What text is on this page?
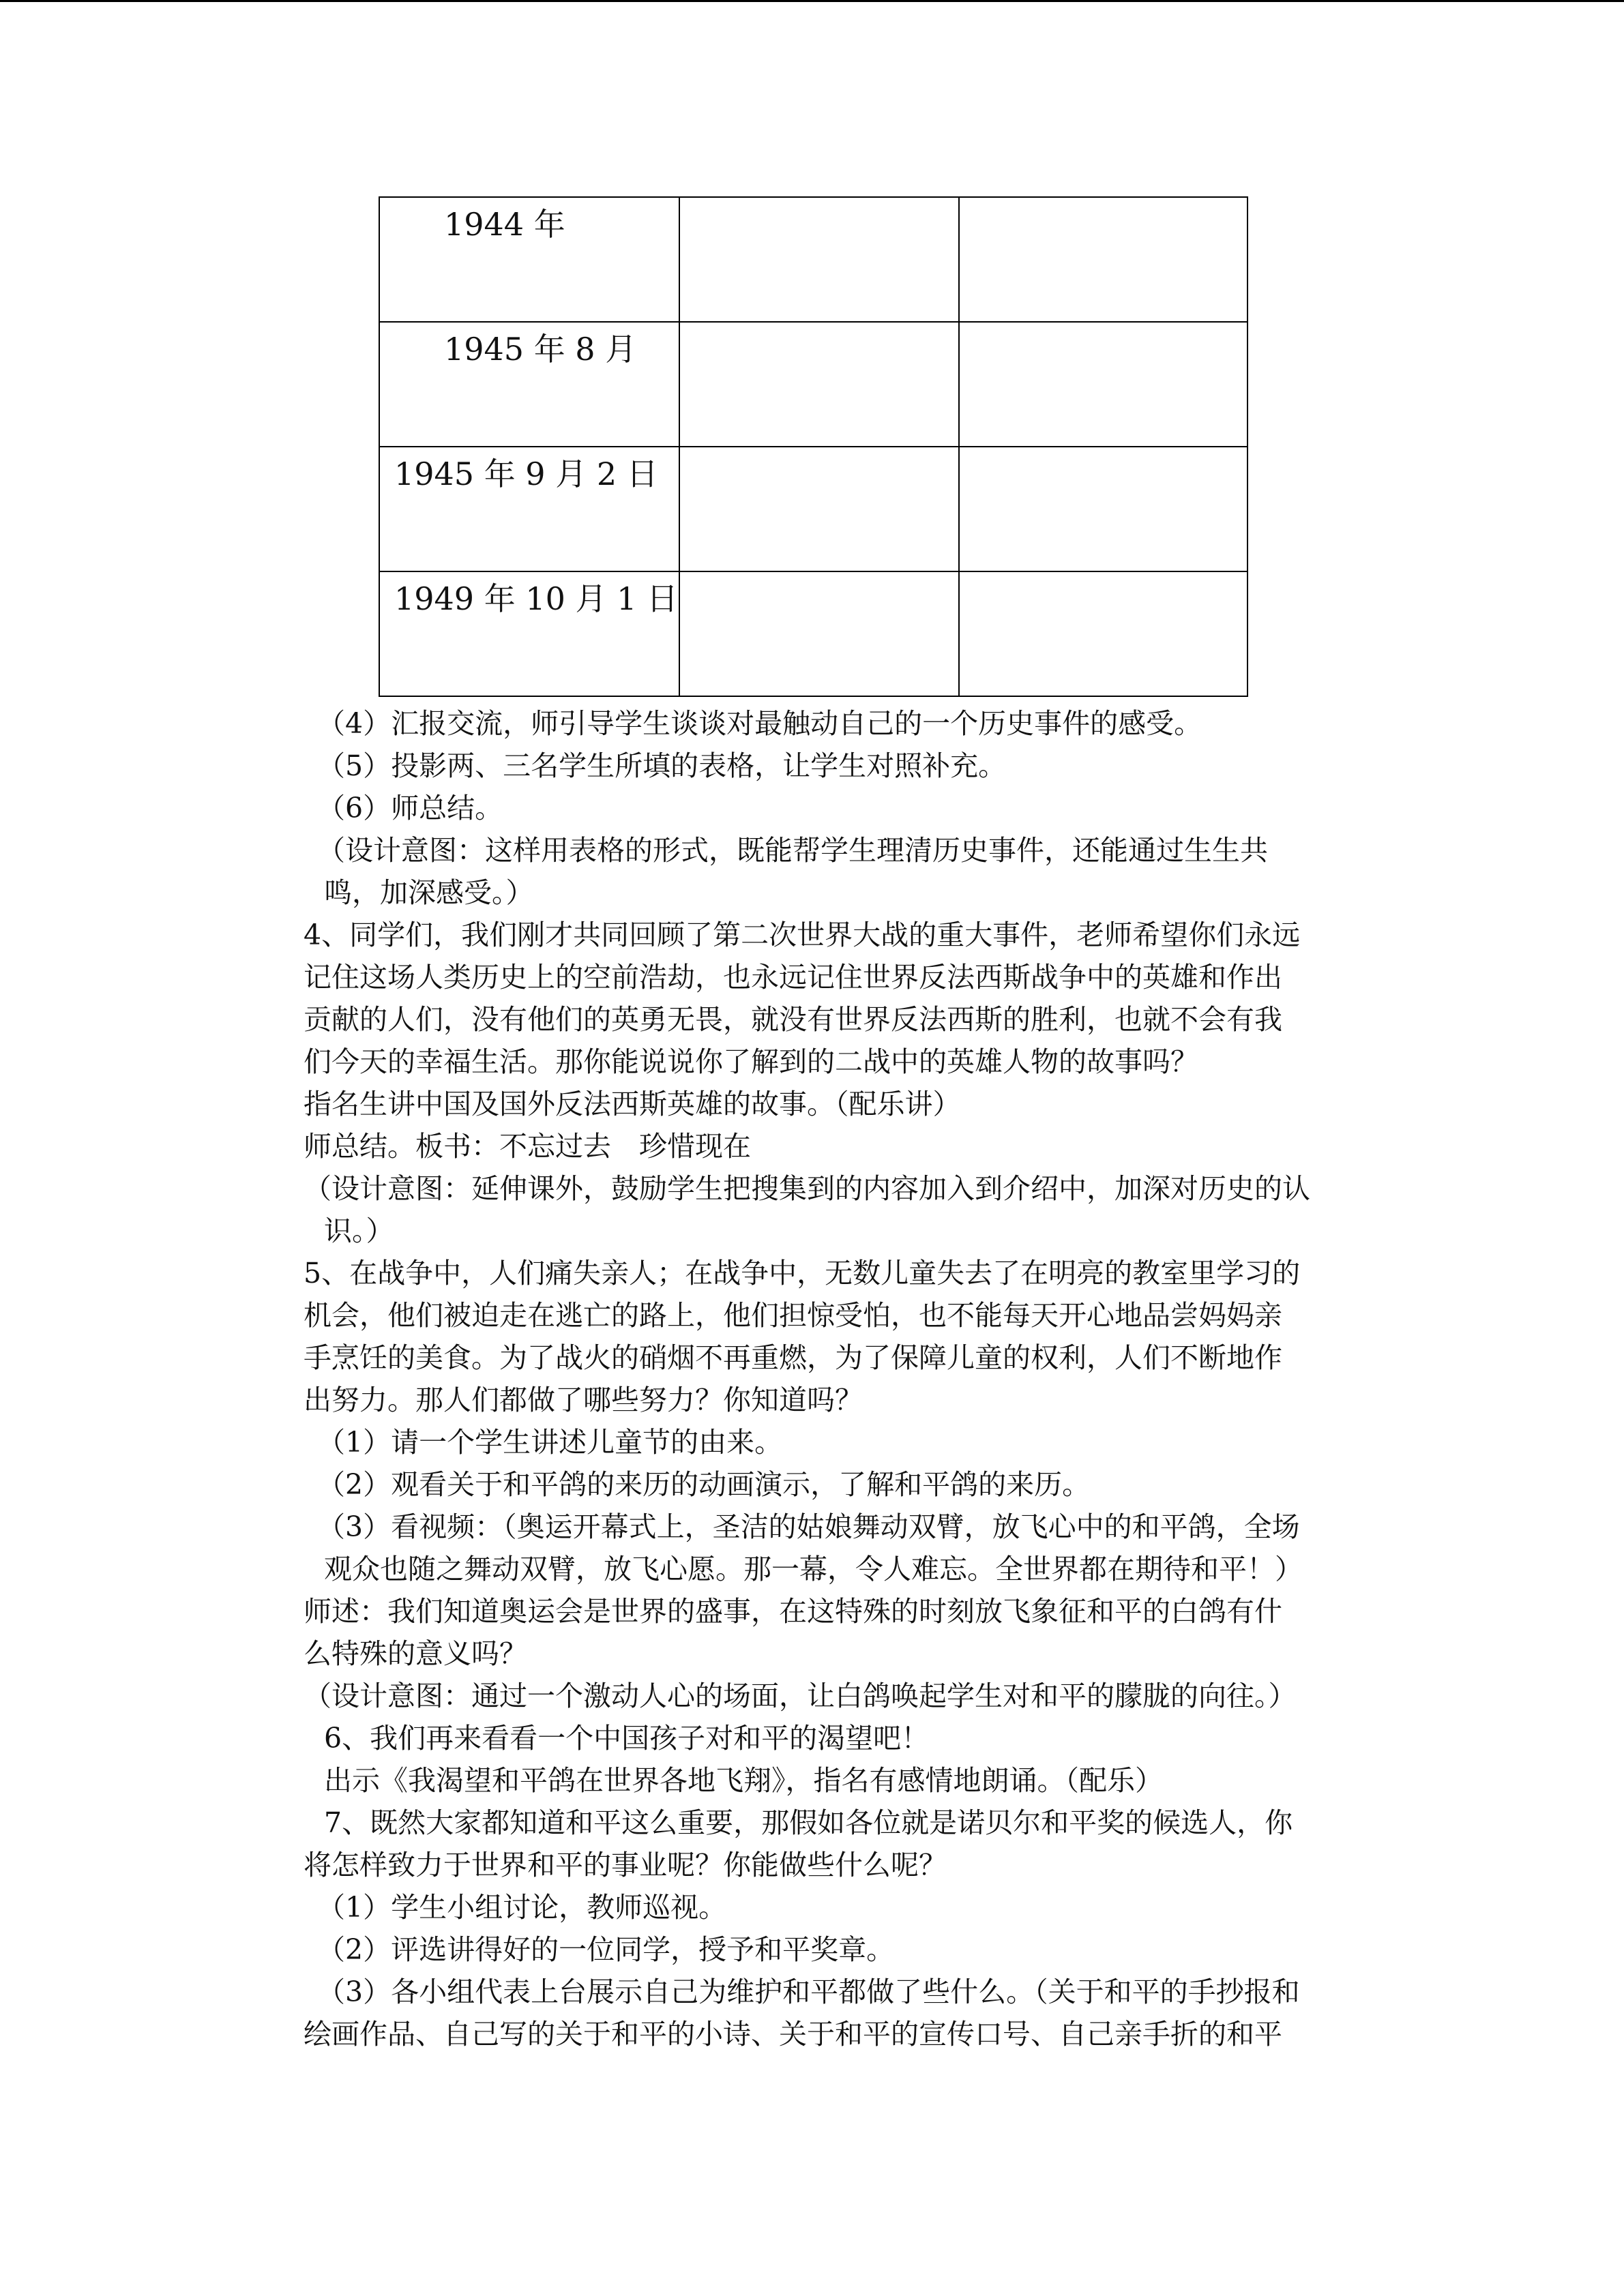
1944 年		

1945 年 8 月		

1945 年 9 月 2 日		

1949 年 10 月 1 日		

（4）汇报交流，师引导学生谈谈对最触动自己的一个历史事件的感受。
（5）投影两、三名学生所填的表格，让学生对照补充。
（6）师总结。
（设计意图：这样用表格的形式，既能帮学生理清历史事件，还能通过生生共
鸣，加深感受。）
4、同学们，我们刚才共同回顾了第二次世界大战的重大事件，老师希望你们永远
记住这场人类历史上的空前浩劫，也永远记住世界反法西斯战争中的英雄和作出
贡献的人们，没有他们的英勇无畏，就没有世界反法西斯的胜利，也就不会有我
们今天的幸福生活。那你能说说你了解到的二战中的英雄人物的故事吗？
指名生讲中国及国外反法西斯英雄的故事。（配乐讲）
师总结。板书：不忘过去　珍惜现在
（设计意图：延伸课外，鼓励学生把搜集到的内容加入到介绍中，加深对历史的认
识。）
5、在战争中，人们痛失亲人；在战争中，无数儿童失去了在明亮的教室里学习的
机会，他们被迫走在逃亡的路上，他们担惊受怕，也不能每天开心地品尝妈妈亲
手烹饪的美食。为了战火的硝烟不再重燃，为了保障儿童的权利，人们不断地作
出努力。那人们都做了哪些努力？你知道吗？
（1）请一个学生讲述儿童节的由来。
（2）观看关于和平鸽的来历的动画演示，了解和平鸽的来历。
（3）看视频：（奥运开幕式上，圣洁的姑娘舞动双臂，放飞心中的和平鸽，全场
观众也随之舞动双臂，放飞心愿。那一幕，令人难忘。全世界都在期待和平！）
师述：我们知道奥运会是世界的盛事，在这特殊的时刻放飞象征和平的白鸽有什
么特殊的意义吗？
（设计意图：通过一个激动人心的场面，让白鸽唤起学生对和平的朦胧的向往。）
6、我们再来看看一个中国孩子对和平的渴望吧！
出示《我渴望和平鸽在世界各地飞翔》，指名有感情地朗诵。（配乐）
7、既然大家都知道和平这么重要，那假如各位就是诺贝尔和平奖的候选人，你
将怎样致力于世界和平的事业呢？你能做些什么呢？
（1）学生小组讨论，教师巡视。
（2）评选讲得好的一位同学，授予和平奖章。
（3）各小组代表上台展示自己为维护和平都做了些什么。（关于和平的手抄报和
绘画作品、自己写的关于和平的小诗、关于和平的宣传口号、自己亲手折的和平
